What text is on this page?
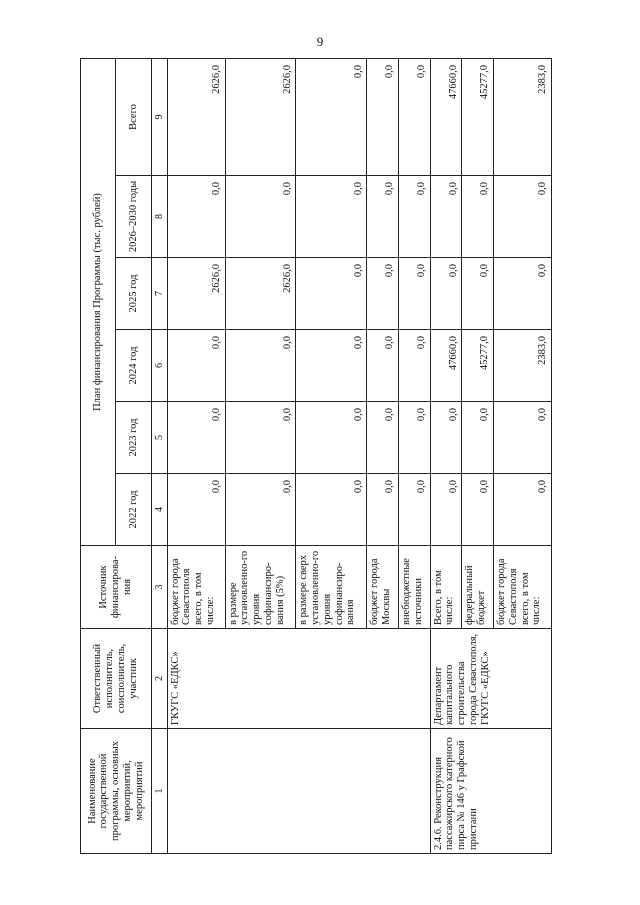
9
Наименование государственной программы, основных мероприятий, мероприятий	Ответственный исполнитель, соисполнитель, участник	Источник финансирова-ния	План финансирования Программы (тыс. рублей)					
			2022 год	2023 год	2024 год	2025 год	2026–2030 годы	Всего
1	2	3	4	5	6	7	8	9
	ГКУГС «ЕДКС»	бюджет города Севастополя всего, в том числе:	0,0	0,0	0,0	2626,0	0,0	2626,0
		в размере установленно-го уровня софинансиро-вания (5%)	0,0	0,0	0,0	2626,0	0,0	2626,0
		в размере сверх установленно-го уровня софинансиро-вания	0,0	0,0	0,0	0,0	0,0	0,0
		бюджет города Москвы	0,0	0,0	0,0	0,0	0,0	0,0
		внебюджетные источники	0,0	0,0	0,0	0,0	0,0	0,0
2.4.6. Реконструкция пассажирского катерного пирса № 146 у Графской пристани	Департамент капитального строительства города Севастополя, ГКУГС «ЕДКС»	Всего, в том числе:	0,0	0,0	47660,0	0,0	0,0	47660,0
		федеральный бюджет	0,0	0,0	45277,0	0,0	0,0	45277,0
		бюджет города Севастополя всего, в том числе:	0,0	0,0	2383,0	0,0	0,0	2383,0
